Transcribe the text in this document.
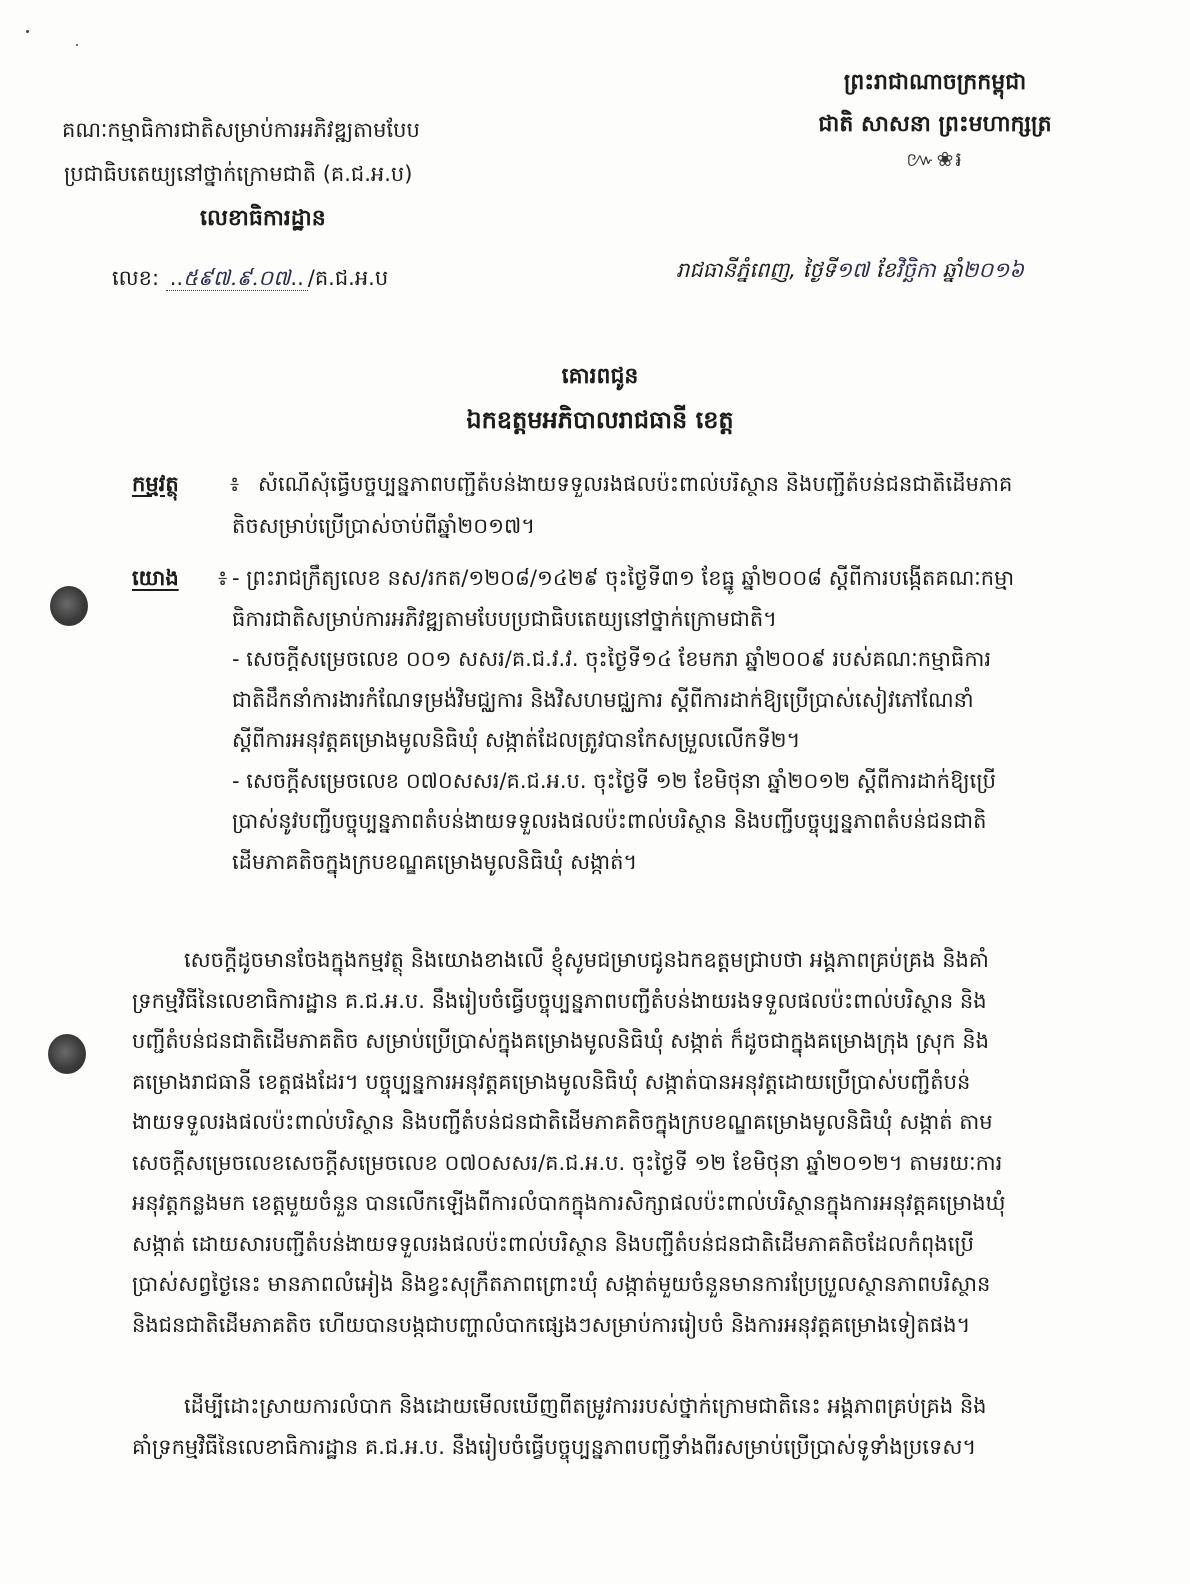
ព្រះរាជាណាចក្រកម្ពុជា
ជាតិ សាសនា ព្រះមហាក្សត្រ
៚❀៛
គណៈកម្មាធិការជាតិសម្រាប់ការអភិវឌ្ឍតាមបែប
ប្រជាធិបតេយ្យនៅថ្នាក់ក្រោមជាតិ (គ.ជ.អ.ប)
លេខាធិការដ្ឋាន
លេខ: ..៥៩៧.៩.០៧.. /គ.ជ.អ.ប	រាជធានីភ្នំពេញ, ថ្ងៃទី១៧ ខែវិច្ឆិកា ឆ្នាំ២០១៦
គោរពជូន
ឯកឧត្តមអភិបាលរាជធានី ខេត្ត
កម្មវត្ថុ ៖ សំណើសុំធ្វើបច្ចុប្បន្នភាពបញ្ជីតំបន់ងាយទទួលរងផលប៉ះពាល់បរិស្ថាន និងបញ្ជីតំបន់ជនជាតិដើមភាគ
តិចសម្រាប់ប្រើប្រាស់ចាប់ពីឆ្នាំ២០១៧។
យោង ៖ - ព្រះរាជក្រឹត្យលេខ នស/រកត/១២០៨/១៤២៩ ចុះថ្ងៃទី៣១ ខែធ្នូ ឆ្នាំ២០០៨ ស្តីពីការបង្កើតគណៈកម្មា
ធិការជាតិសម្រាប់ការអភិវឌ្ឍតាមបែបប្រជាធិបតេយ្យនៅថ្នាក់ក្រោមជាតិ។
- សេចក្តីសម្រេចលេខ ០០១ សសរ/គ.ជ.វ.វ. ចុះថ្ងៃទី១៤ ខែមករា ឆ្នាំ២០០៩ របស់គណៈកម្មាធិការ
ជាតិដឹកនាំការងារកំណែទម្រង់វិមជ្ឈការ និងវិសហមជ្ឈការ ស្តីពីការដាក់ឱ្យប្រើប្រាស់សៀវភៅណែនាំ
ស្តីពីការអនុវត្តគម្រោងមូលនិធិឃុំ សង្កាត់ដែលត្រូវបានកែសម្រួលលើកទី២។
- សេចក្តីសម្រេចលេខ ០៧០សសរ/គ.ជ.អ.ប. ចុះថ្ងៃទី ១២ ខែមិថុនា ឆ្នាំ២០១២ ស្តីពីការដាក់ឱ្យប្រើ
ប្រាស់នូវបញ្ជីបច្ចុប្បន្នភាពតំបន់ងាយទទួលរងផលប៉ះពាល់បរិស្ថាន និងបញ្ជីបច្ចុប្បន្នភាពតំបន់ជនជាតិ
ដើមភាគតិចក្នុងក្របខណ្ឌគម្រោងមូលនិធិឃុំ សង្កាត់។
សេចក្តីដូចមានចែងក្នុងកម្មវត្ថុ និងយោងខាងលើ ខ្ញុំសូមជម្រាបជូនឯកឧត្តមជ្រាបថា អង្គភាពគ្រប់គ្រង និងគាំ
ទ្រកម្មវិធីនៃលេខាធិការដ្ឋាន គ.ជ.អ.ប. នឹងរៀបចំធ្វើបច្ចុប្បន្នភាពបញ្ជីតំបន់ងាយរងទទួលផលប៉ះពាល់បរិស្ថាន និង
បញ្ជីតំបន់ជនជាតិដើមភាគតិច សម្រាប់ប្រើប្រាស់ក្នុងគម្រោងមូលនិធិឃុំ សង្កាត់ ក៏ដូចជាក្នុងគម្រោងក្រុង ស្រុក និង
គម្រោងរាជធានី ខេត្តផងដែរ។ បច្ចុប្បន្នការអនុវត្តគម្រោងមូលនិធិឃុំ សង្កាត់បានអនុវត្តដោយប្រើប្រាស់បញ្ជីតំបន់
ងាយទទួលរងផលប៉ះពាល់បរិស្ថាន និងបញ្ជីតំបន់ជនជាតិដើមភាគតិចក្នុងក្របខណ្ឌគម្រោងមូលនិធិឃុំ សង្កាត់ តាម
សេចក្តីសម្រេចលេខសេចក្តីសម្រេចលេខ ០៧០សសរ/គ.ជ.អ.ប. ចុះថ្ងៃទី ១២ ខែមិថុនា ឆ្នាំ២០១២។ តាមរយៈការ
អនុវត្តកន្លងមក ខេត្តមួយចំនួន បានលើកឡើងពីការលំបាកក្នុងការសិក្សាផលប៉ះពាល់បរិស្ថានក្នុងការអនុវត្តគម្រោងឃុំ
សង្កាត់ ដោយសារបញ្ជីតំបន់ងាយទទួលរងផលប៉ះពាល់បរិស្ថាន និងបញ្ជីតំបន់ជនជាតិដើមភាគតិចដែលកំពុងប្រើ
ប្រាស់សព្វថ្ងៃនេះ មានភាពលំអៀង និងខ្វះសុក្រឹតភាពព្រោះឃុំ សង្កាត់មួយចំនួនមានការប្រែប្រួលស្ថានភាពបរិស្ថាន
និងជនជាតិដើមភាគតិច ហើយបានបង្កជាបញ្ហាលំបាកផ្សេងៗសម្រាប់ការរៀបចំ និងការអនុវត្តគម្រោងទៀតផង។
ដើម្បីដោះស្រាយការលំបាក និងដោយមើលឃើញពីតម្រូវការរបស់ថ្នាក់ក្រោមជាតិនេះ អង្គភាពគ្រប់គ្រង និង
គាំទ្រកម្មវិធីនៃលេខាធិការដ្ឋាន គ.ជ.អ.ប. នឹងរៀបចំធ្វើបច្ចុប្បន្នភាពបញ្ជីទាំងពីរសម្រាប់ប្រើប្រាស់ទូទាំងប្រទេស។
